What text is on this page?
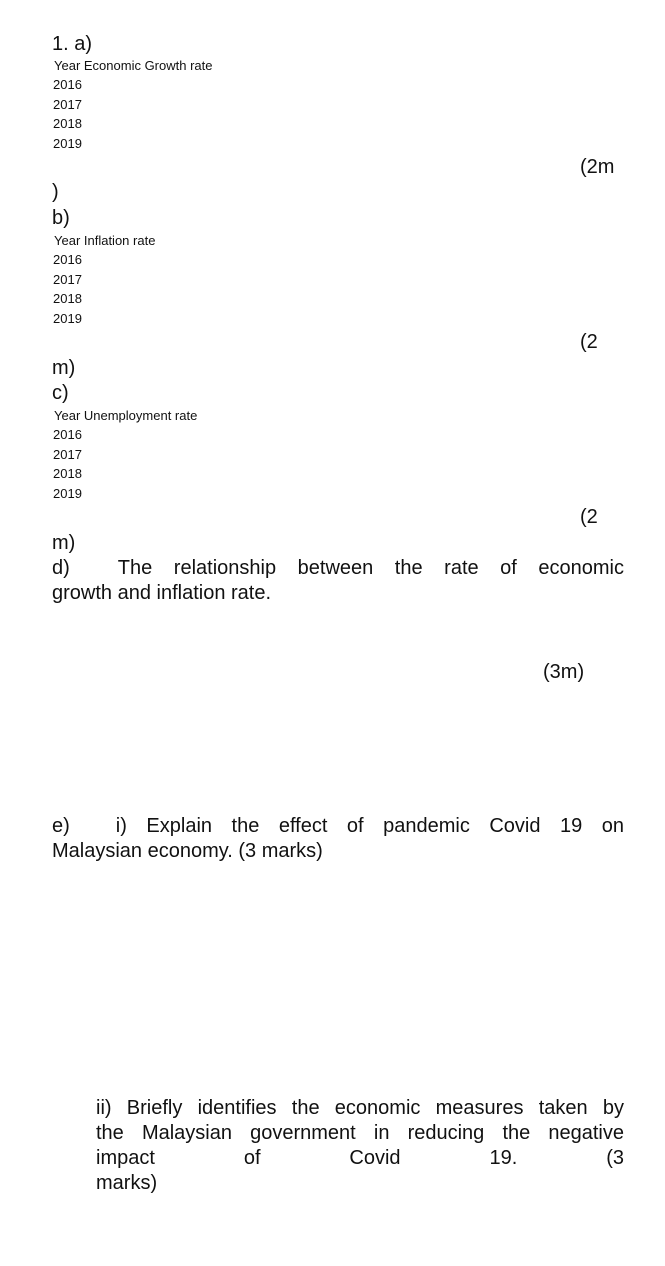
1. a)
Year Economic Growth rate
2016
2017
2018
2019
(2m
)
b)
Year Inflation rate
2016
2017
2018
2019
(2
m)
c)
Year Unemployment rate
2016
2017
2018
2019
(2
m)
d) The relationship between the rate of economic
growth and inflation rate.
(3m)
e) i) Explain the effect of pandemic Covid 19 on
Malaysian economy. (3 marks)
ii) Briefly identifies the economic measures taken by
the Malaysian government in reducing the negative
impact of Covid 19.	(3
marks)
